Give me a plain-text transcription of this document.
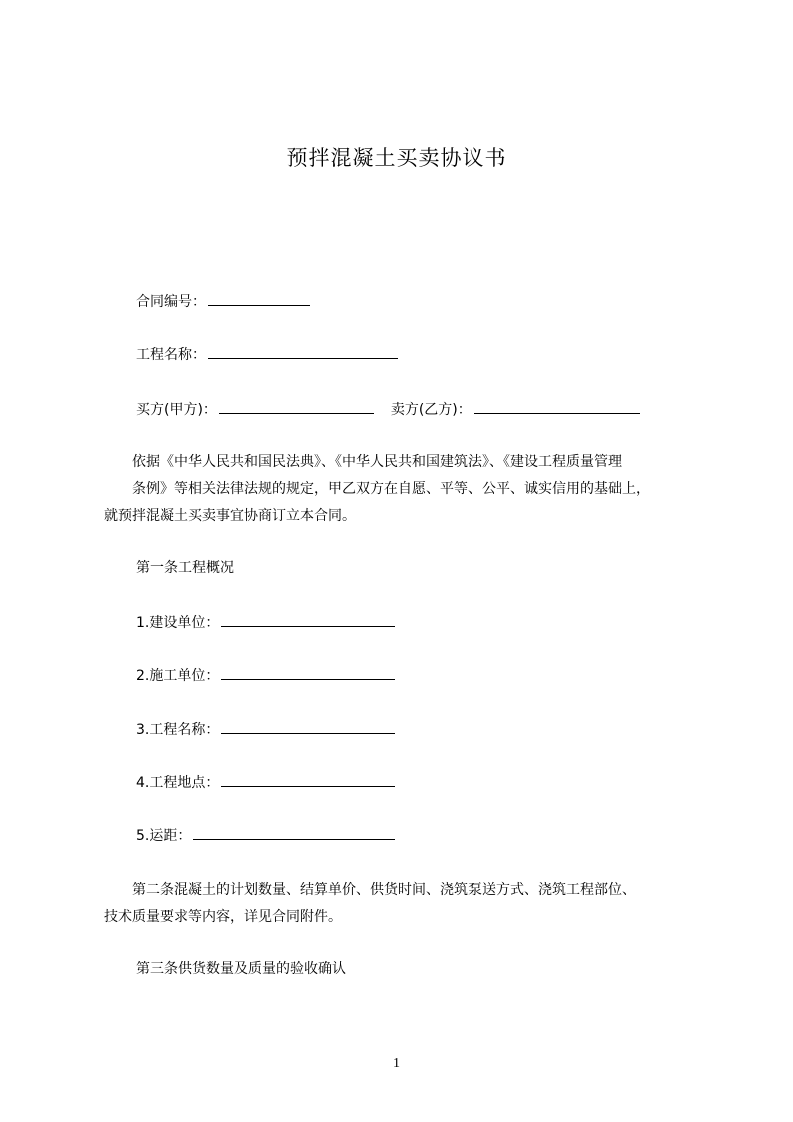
预拌混凝土买卖协议书
合同编号：
工程名称：
买方(甲方)：	卖方(乙方)：
　依据《中华人民共和国民法典》、《中华人民共和国建筑法》、《建设工程质量管理
　条例》等相关法律法规的规定，甲乙双方在自愿、平等、公平、诚实信用的基础上，
就预拌混凝土买卖事宜协商订立本合同。
第一条工程概况
1.建设单位：
2.施工单位：
3.工程名称：
4.工程地点：
5.运距：
　第二条混凝土的计划数量、结算单价、供货时间、浇筑泵送方式、浇筑工程部位、
技术质量要求等内容，详见合同附件。
第三条供货数量及质量的验收确认
1
